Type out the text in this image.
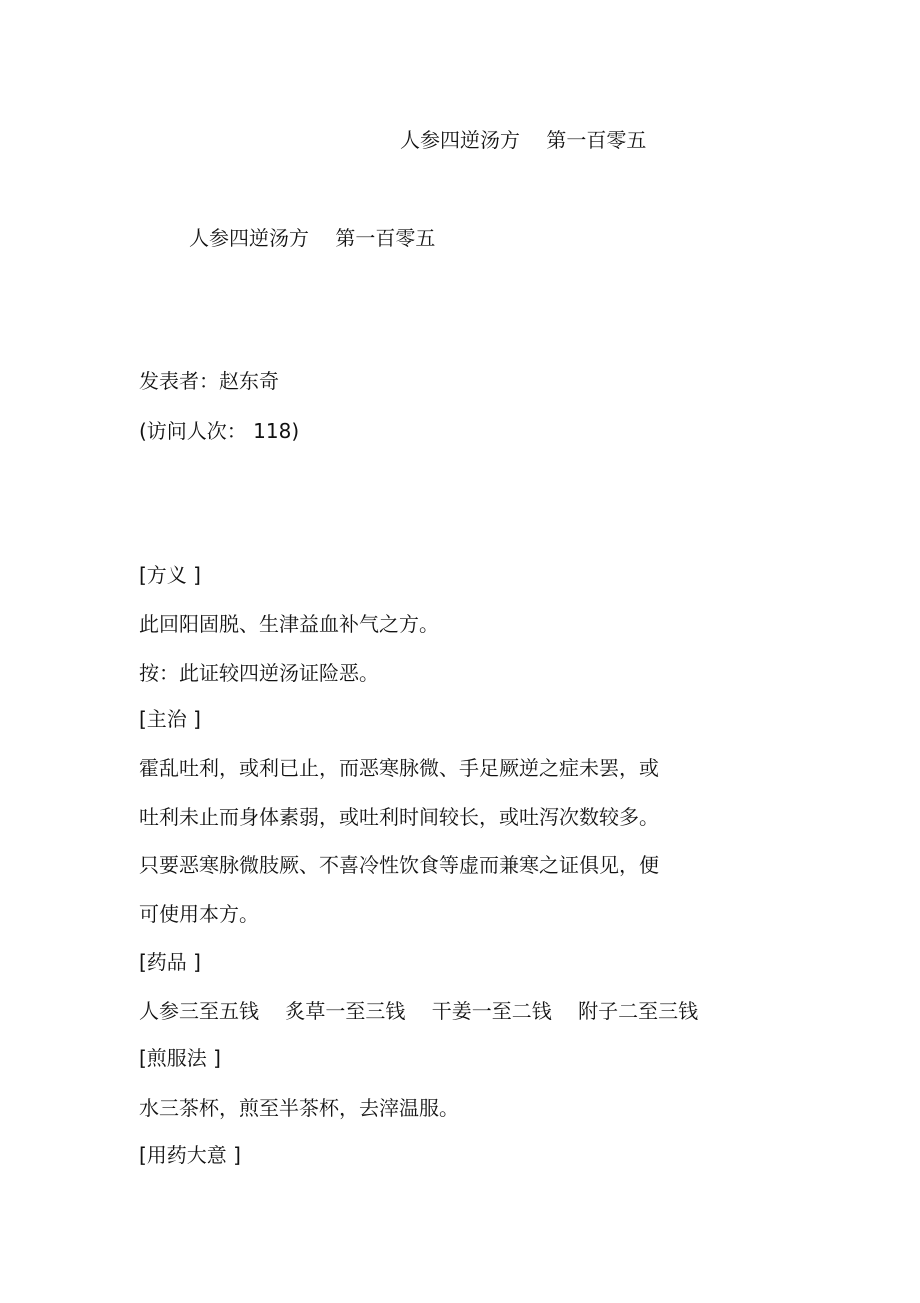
人参四逆汤方　 第一百零五
人参四逆汤方　 第一百零五
发表者：赵东奇
(访问人次： 118)
[方义 ]
此回阳固脱、生津益血补气之方。
按：此证较四逆汤证险恶。
[主治 ]
霍乱吐利，或利已止，而恶寒脉微、手足厥逆之症未罢，或
吐利未止而身体素弱，或吐利时间较长，或吐泻次数较多。
只要恶寒脉微肢厥、不喜冷性饮食等虚而兼寒之证俱见，便
可使用本方。
[药品 ]
人参三至五钱　 炙草一至三钱　 干姜一至二钱　 附子二至三钱
[煎服法 ]
水三茶杯，煎至半茶杯，去滓温服。
[用药大意 ]
